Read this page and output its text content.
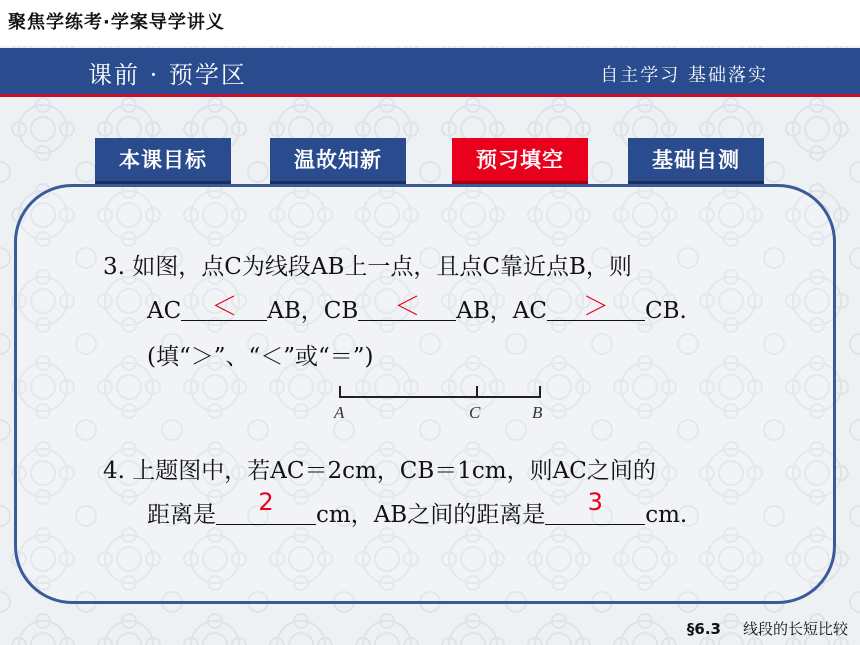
聚焦学练考·学案导学讲义
课前 · 预学区	自主学习 基础落实
本课目标	温故知新	预习填空	基础自测
3. 如图，点C为线段AB上一点，且点C靠近点B，则
AC	＜	AB，CB	＜	AB，AC	＞	CB.
(填“＞”、“＜”或“＝”)
A	C	B
4. 上题图中，若AC＝2cm，CB＝1cm，则AC之间的
距离是	2	cm，AB之间的距离是	3	cm.
§6.3 线段的长短比较
